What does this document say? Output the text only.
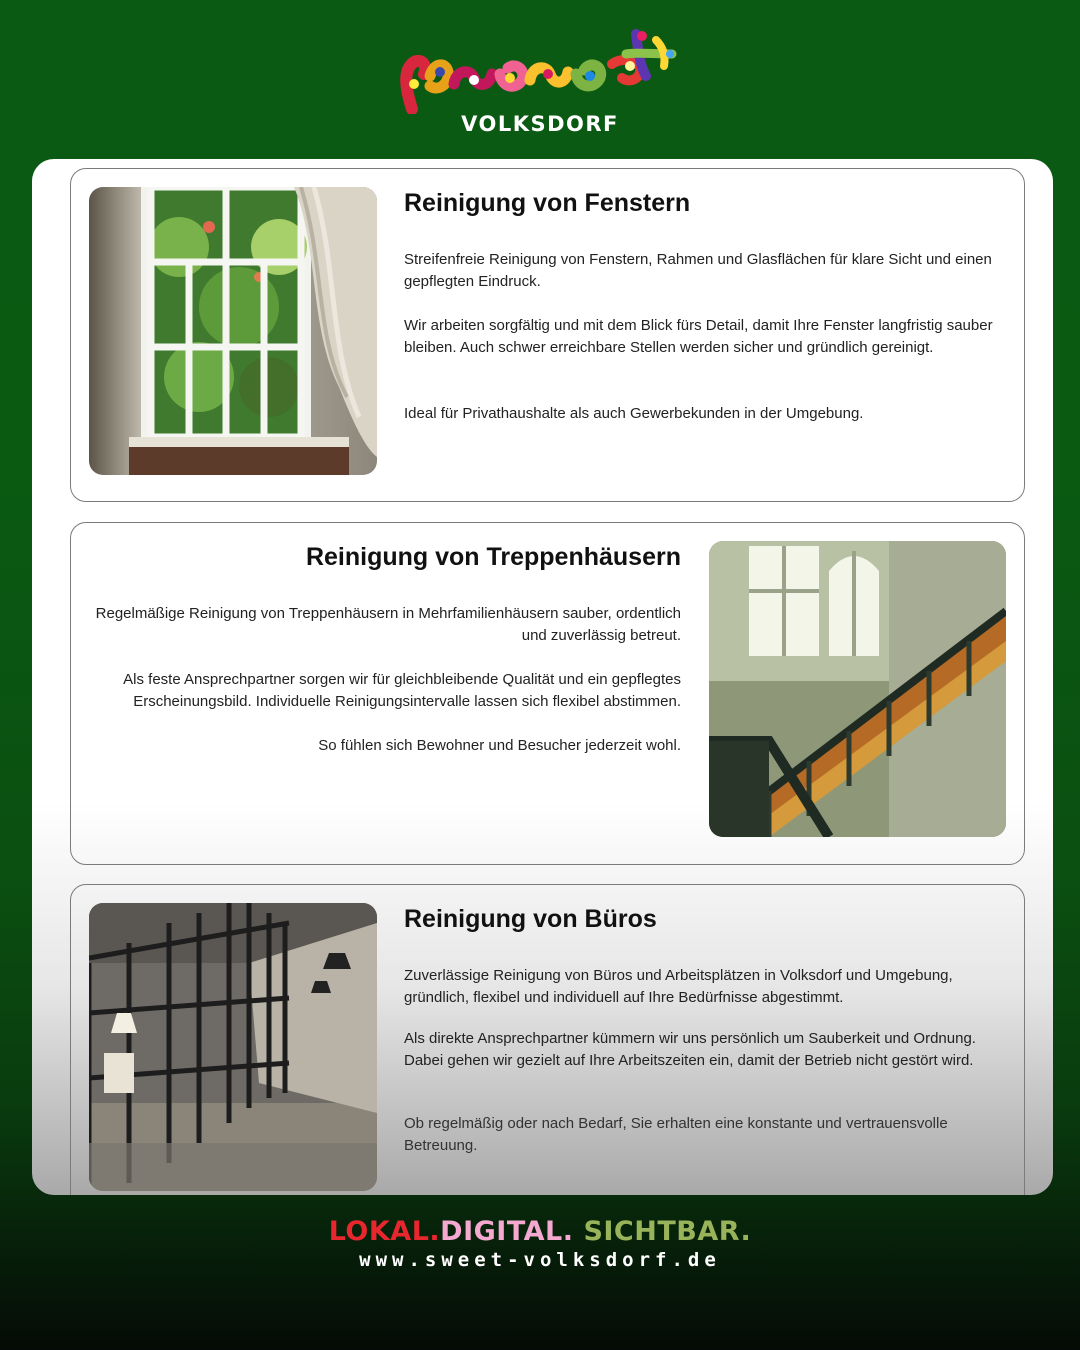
VOLKSDORF
Reinigung von Fenstern

Streifenfreie Reinigung von Fenstern, Rahmen und Glasflächen für klare Sicht und einen gepflegten Eindruck.

Wir arbeiten sorgfältig und mit dem Blick fürs Detail, damit Ihre Fenster langfristig sauber bleiben. Auch schwer erreichbare Stellen werden sicher und gründlich gereinigt.

Ideal für Privathaushalte als auch Gewerbekunden in der Umgebung.

Reinigung von Treppenhäusern

Regelmäßige Reinigung von Treppenhäusern in Mehrfamilienhäusern sauber, ordentlich und zuverlässig betreut.

Als feste Ansprechpartner sorgen wir für gleichbleibende Qualität und ein gepflegtes Erscheinungsbild. Individuelle Reinigungsintervalle lassen sich flexibel abstimmen.

So fühlen sich Bewohner und Besucher jederzeit wohl.

Reinigung von Büros

Zuverlässige Reinigung von Büros und Arbeitsplätzen in Volksdorf und Umgebung, gründlich, flexibel und individuell auf Ihre Bedürfnisse abgestimmt.

Als direkte Ansprechpartner kümmern wir uns persönlich um Sauberkeit und Ordnung. Dabei gehen wir gezielt auf Ihre Arbeitszeiten ein, damit der Betrieb nicht gestört wird.

Ob regelmäßig oder nach Bedarf, Sie erhalten eine konstante und vertrauensvolle Betreuung.

LOKAL.DIGITAL. SICHTBAR.
www.sweet-volksdorf.de
